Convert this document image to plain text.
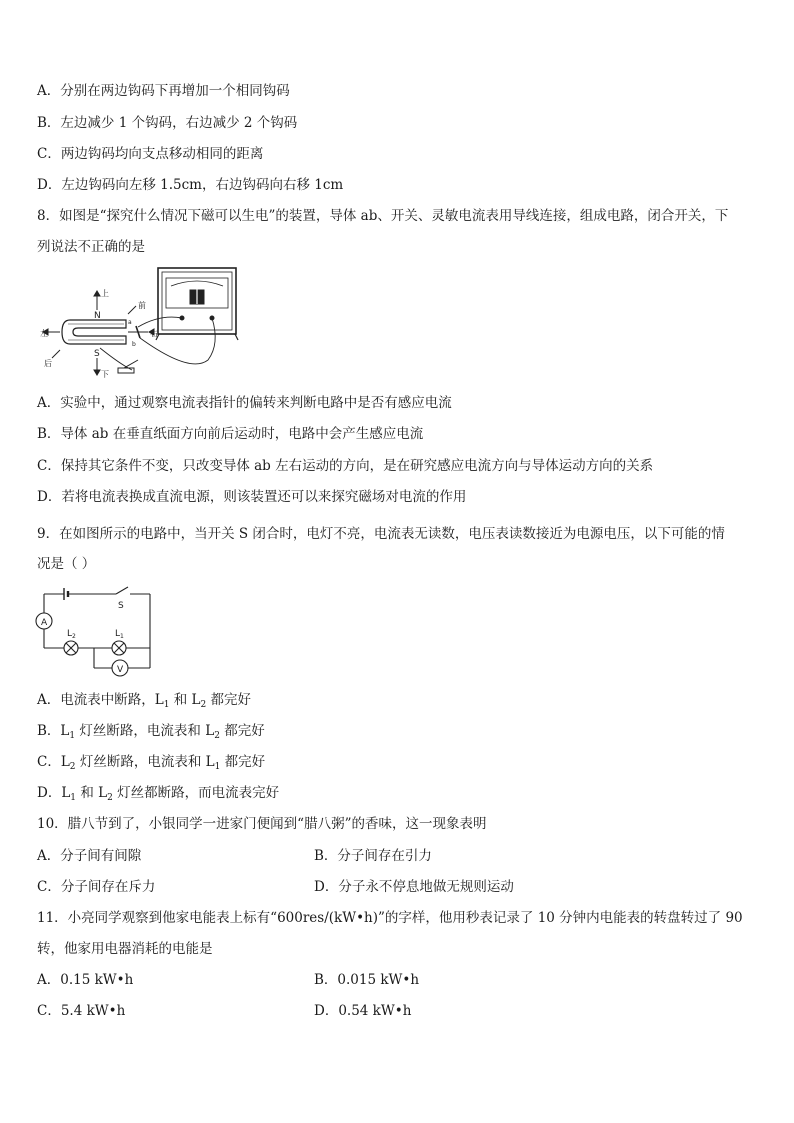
A．分别在两边钩码下再增加一个相同钩码
B．左边减少 1 个钩码，右边减少 2 个钩码
C．两边钩码均向支点移动相同的距离
D．左边钩码向左移 1.5cm，右边钩码向右移 1cm
8．如图是“探究什么情况下磁可以生电”的装置，导体 ab、开关、灵敏电流表用导线连接，组成电路，闭合开关，下
列说法不正确的是
上
下
左	右
前
后
N
S
a
b
A．实验中，通过观察电流表指针的偏转来判断电路中是否有感应电流
B．导体 ab 在垂直纸面方向前后运动时，电路中会产生感应电流
C．保持其它条件不变，只改变导体 ab 左右运动的方向，是在研究感应电流方向与导体运动方向的关系
D．若将电流表换成直流电源，则该装置还可以来探究磁场对电流的作用
9．在如图所示的电路中，当开关 S 闭合时，电灯不亮，电流表无读数，电压表读数接近为电源电压，以下可能的情
况是（ ）
A
V
S
$L_2$	$L_1$
A．电流表中断路，$L_1$ 和 $L_2$ 都完好
B．$L_1$ 灯丝断路，电流表和 $L_2$ 都完好
C．$L_2$ 灯丝断路，电流表和 $L_1$ 都完好
D．$L_1$ 和 $L_2$ 灯丝都断路，而电流表完好
10．腊八节到了，小银同学一进家门便闻到“腊八粥”的香味，这一现象表明
A．分子间有间隙	B．分子间存在引力
C．分子间存在斥力	D．分子永不停息地做无规则运动
11．小亮同学观察到他家电能表上标有“600res/(kW•h)”的字样，他用秒表记录了 10 分钟内电能表的转盘转过了 90
转，他家用电器消耗的电能是
A．0.15 kW•h	B．0.015 kW•h
C．5.4 kW•h	D．0.54 kW•h
